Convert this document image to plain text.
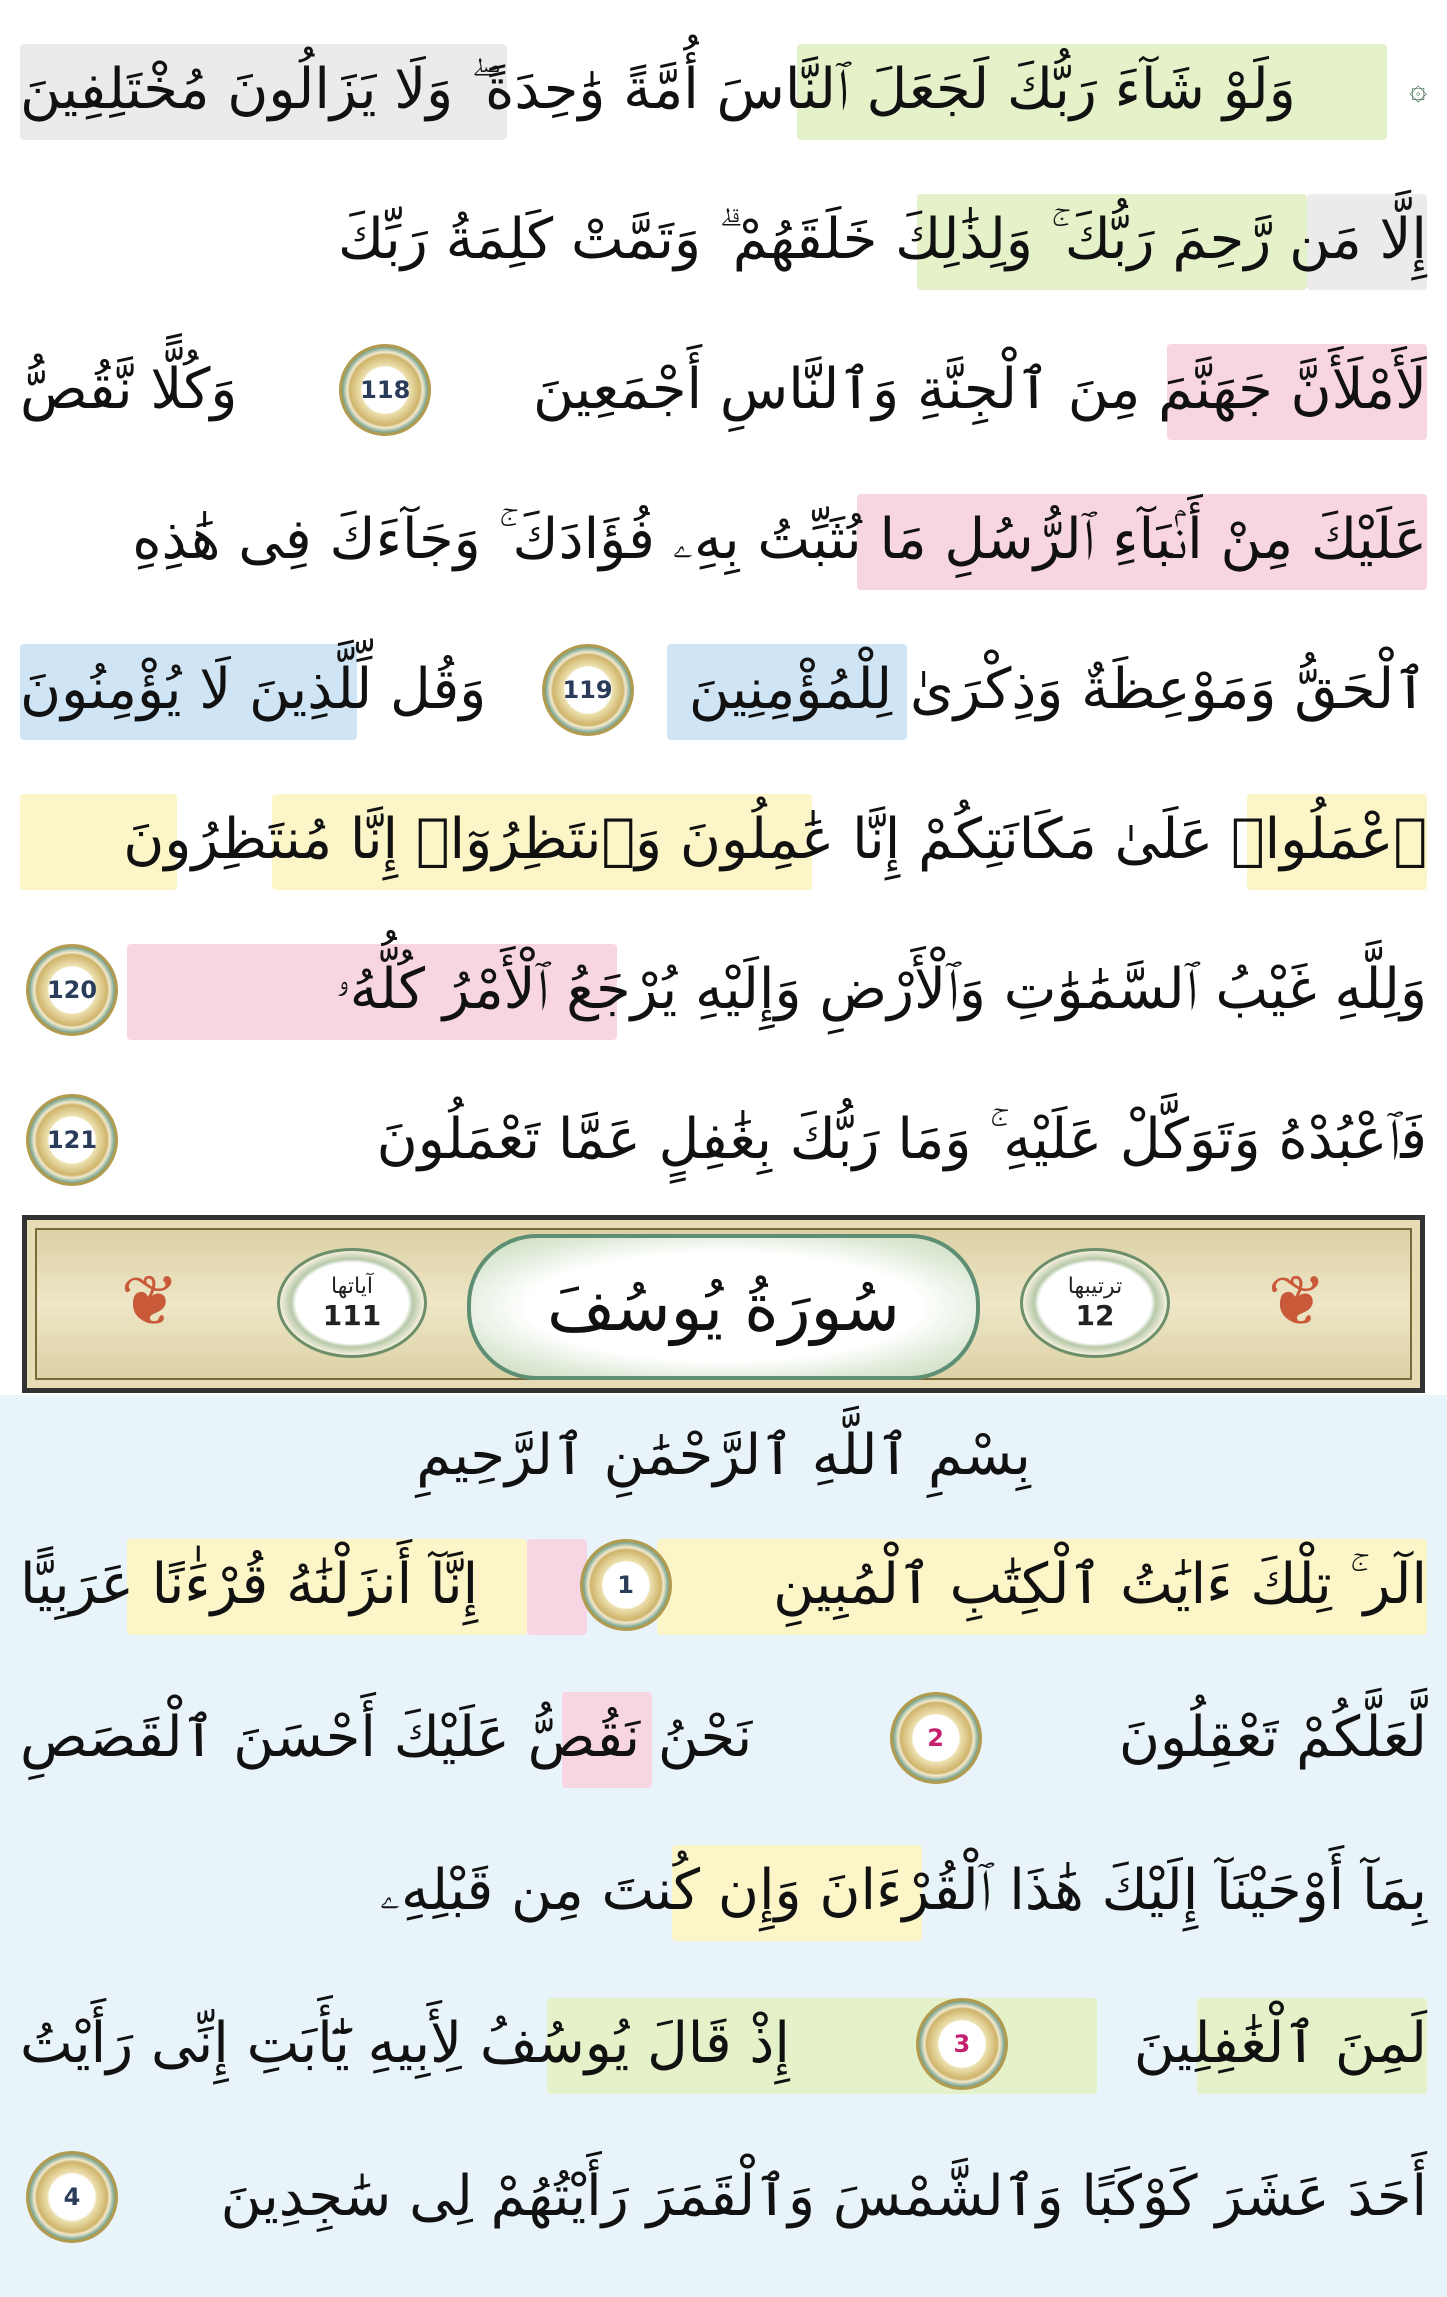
۞
وَلَوْ شَآءَ رَبُّكَ لَجَعَلَ ٱلنَّاسَ أُمَّةً وَٰحِدَةً ۖ وَلَا يَزَالُونَ مُخْتَلِفِينَ
إِلَّا مَن رَّحِمَ رَبُّكَ ۚ وَلِذَٰلِكَ خَلَقَهُمْ ۗ وَتَمَّتْ كَلِمَةُ رَبِّكَ
لَأَمْلَأَنَّ جَهَنَّمَ مِنَ ٱلْجِنَّةِ وَٱلنَّاسِ أَجْمَعِينَ
118
وَكُلًّا نَّقُصُّ
عَلَيْكَ مِنْ أَنۢبَآءِ ٱلرُّسُلِ مَا نُثَبِّتُ بِهِۦ فُؤَادَكَ ۚ وَجَآءَكَ فِى هَٰذِهِ
ٱلْحَقُّ وَمَوْعِظَةٌ وَذِكْرَىٰ لِلْمُؤْمِنِينَ
119
وَقُل لِّلَّذِينَ لَا يُؤْمِنُونَ
ٱعْمَلُوا۟ عَلَىٰ مَكَانَتِكُمْ إِنَّا عَٰمِلُونَ وَٱنتَظِرُوٓا۟ إِنَّا مُنتَظِرُونَ
وَلِلَّهِ غَيْبُ ٱلسَّمَٰوَٰتِ وَٱلْأَرْضِ وَإِلَيْهِ يُرْجَعُ ٱلْأَمْرُ كُلُّهُۥ
120
فَٱعْبُدْهُ وَتَوَكَّلْ عَلَيْهِ ۚ وَمَا رَبُّكَ بِغَٰفِلٍ عَمَّا تَعْمَلُونَ
121
❦	❦
آياتها
111	سُورَةُ يُوسُفَ	ترتيبها
12
بِسْمِ ٱللَّهِ ٱلرَّحْمَٰنِ ٱلرَّحِيمِ
الٓر ۚ تِلْكَ ءَايَٰتُ ٱلْكِتَٰبِ ٱلْمُبِينِ
1
إِنَّآ أَنزَلْنَٰهُ قُرْءَٰنًا عَرَبِيًّا
لَّعَلَّكُمْ تَعْقِلُونَ
2
نَحْنُ نَقُصُّ عَلَيْكَ أَحْسَنَ ٱلْقَصَصِ
بِمَآ أَوْحَيْنَآ إِلَيْكَ هَٰذَا ٱلْقُرْءَانَ وَإِن كُنتَ مِن قَبْلِهِۦ
لَمِنَ ٱلْغَٰفِلِينَ
3
إِذْ قَالَ يُوسُفُ لِأَبِيهِ يَٰٓأَبَتِ إِنِّى رَأَيْتُ
أَحَدَ عَشَرَ كَوْكَبًا وَٱلشَّمْسَ وَٱلْقَمَرَ رَأَيْتُهُمْ لِى سَٰجِدِينَ
4
